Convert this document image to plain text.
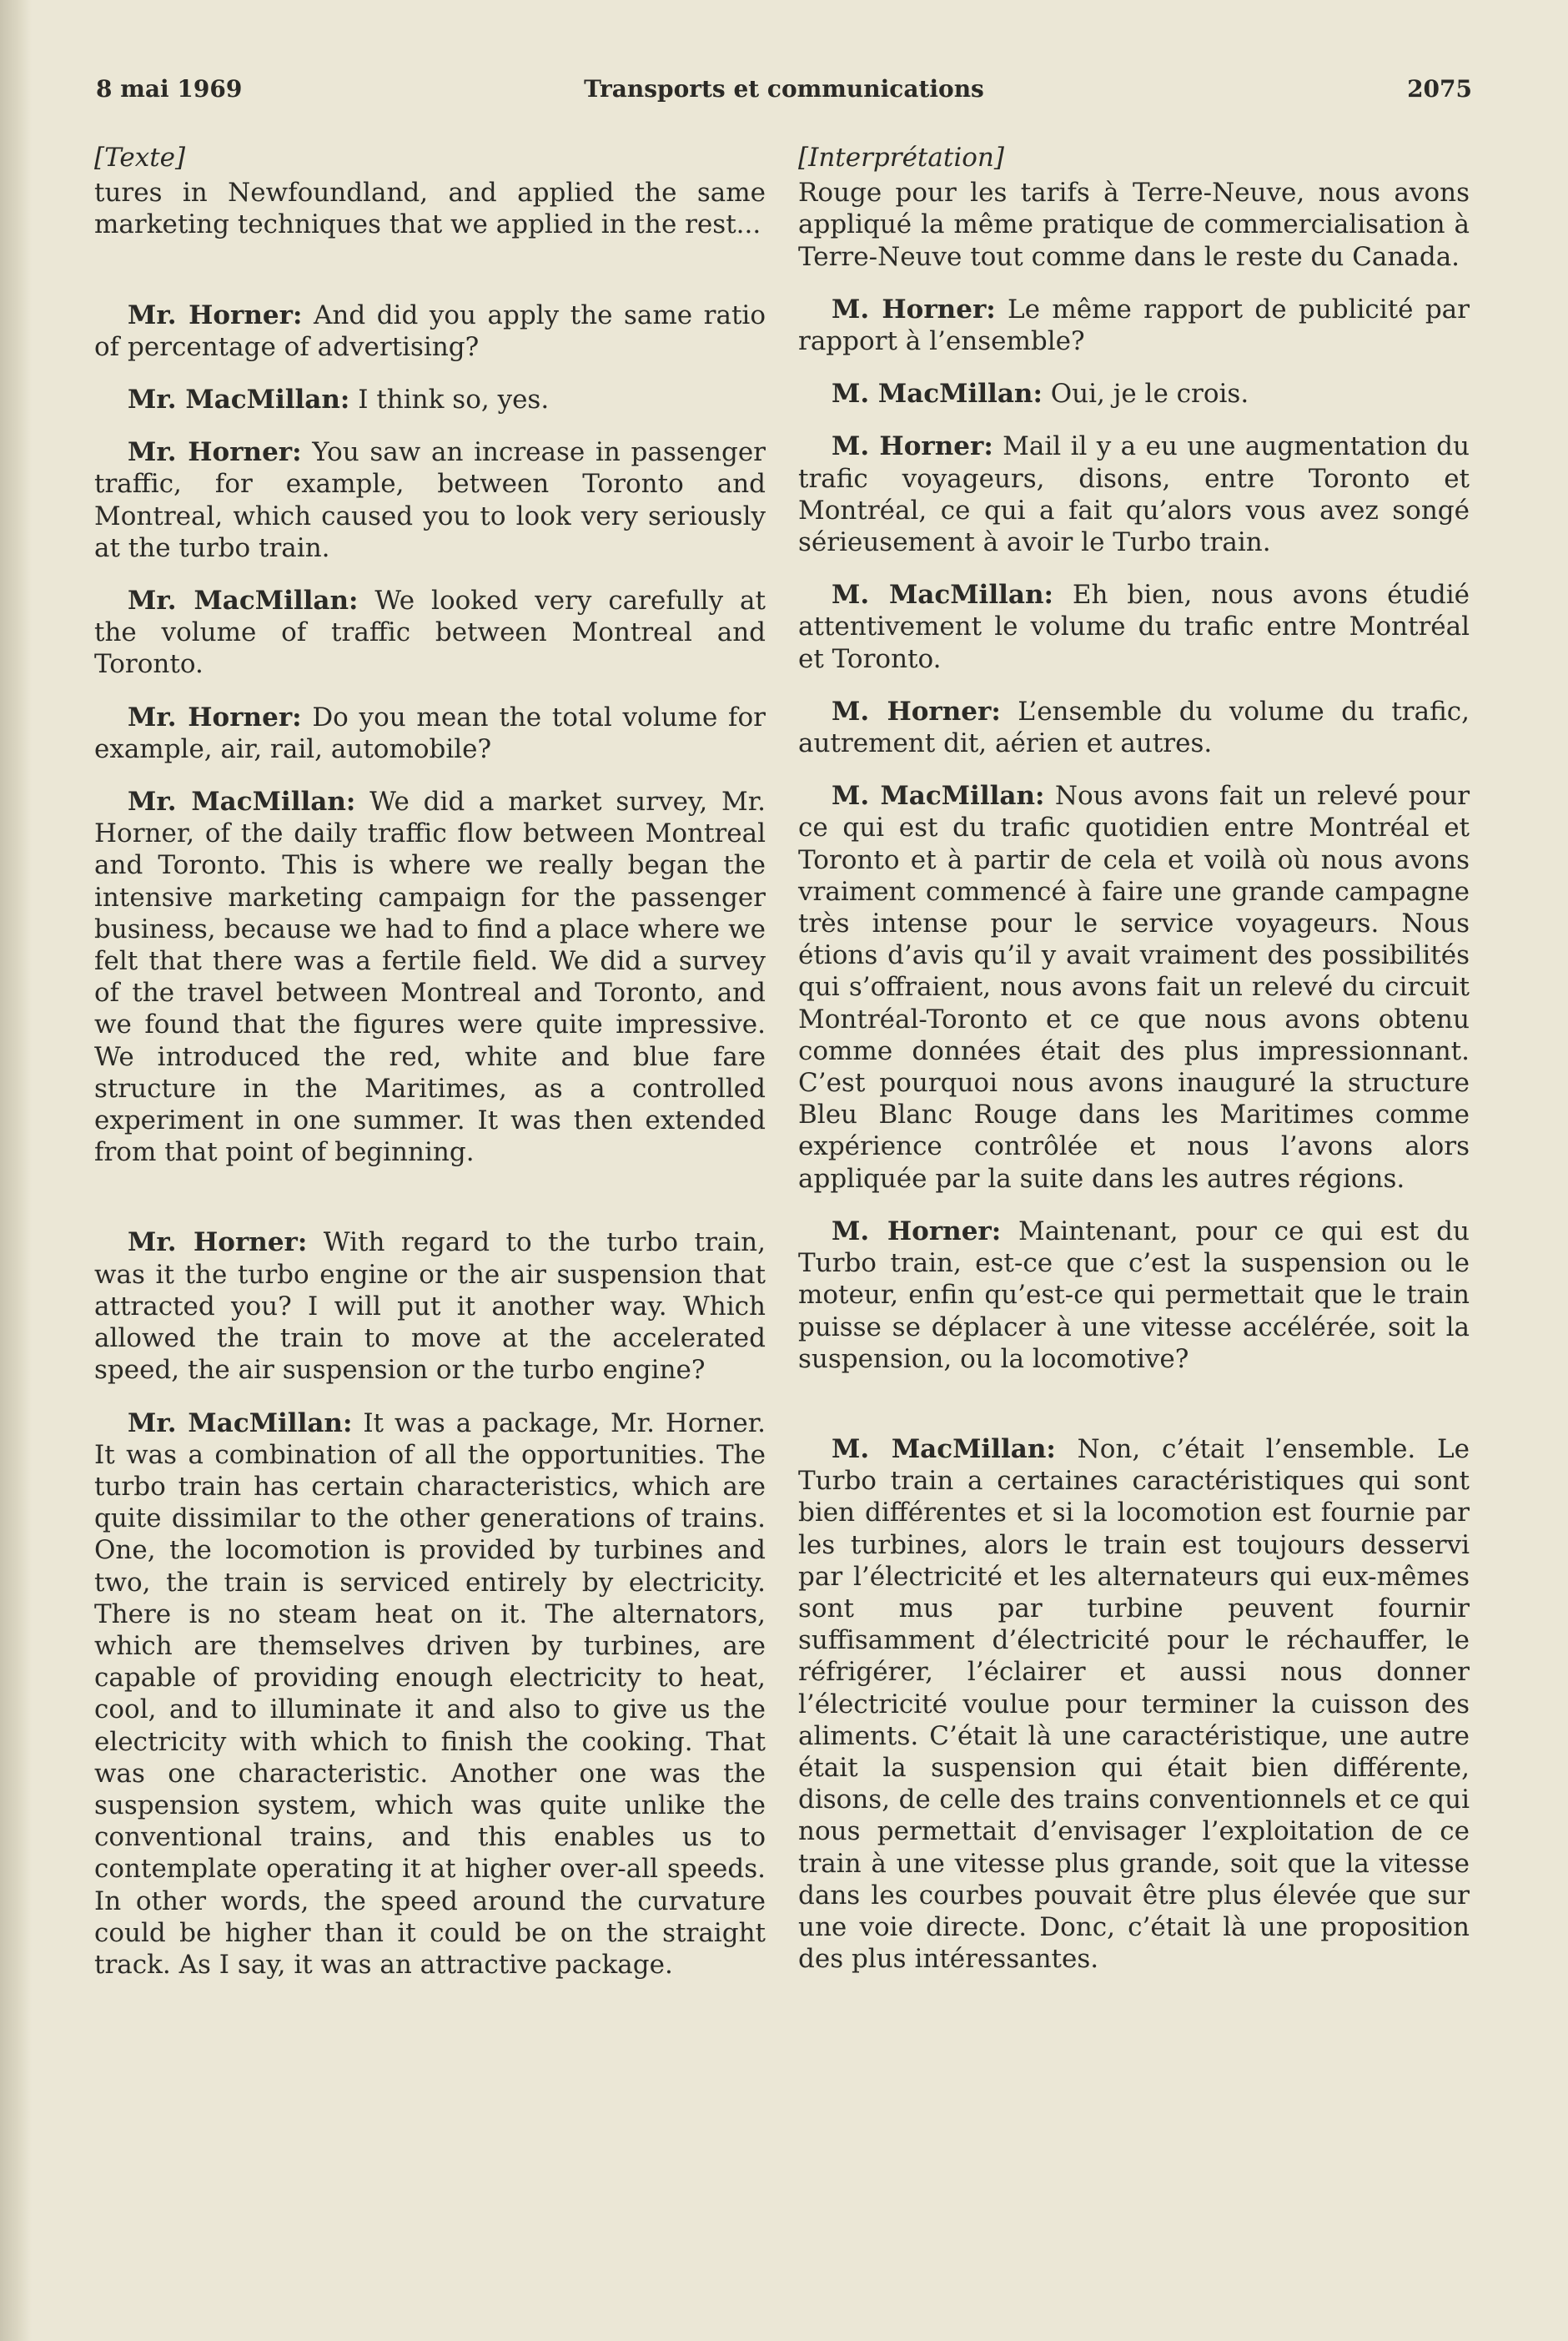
8 mai 1969	Transports et communications	2075
[Texte]

tures in Newfoundland, and applied the same marketing techniques that we applied in the rest...

Mr. Horner: And did you apply the same ratio of percentage of advertising?

Mr. MacMillan: I think so, yes.

Mr. Horner: You saw an increase in passenger traffic, for example, between Toronto and Montreal, which caused you to look very seriously at the turbo train.

Mr. MacMillan: We looked very carefully at the volume of traffic between Montreal and Toronto.

Mr. Horner: Do you mean the total volume for example, air, rail, automobile?

Mr. MacMillan: We did a market survey, Mr. Horner, of the daily traffic flow between Montreal and Toronto. This is where we really began the intensive marketing campaign for the passenger business, because we had to find a place where we felt that there was a fertile field. We did a survey of the travel between Montreal and Toronto, and we found that the figures were quite impressive. We introduced the red, white and blue fare structure in the Maritimes, as a controlled experiment in one summer. It was then extended from that point of beginning.

Mr. Horner: With regard to the turbo train, was it the turbo engine or the air suspension that attracted you? I will put it another way. Which allowed the train to move at the accelerated speed, the air suspension or the turbo engine?

Mr. MacMillan: It was a package, Mr. Horner. It was a combination of all the opportunities. The turbo train has certain characteristics, which are quite dissimilar to the other generations of trains. One, the locomotion is provided by turbines and two, the train is serviced entirely by electricity. There is no steam heat on it. The alternators, which are themselves driven by turbines, are capable of providing enough electricity to heat, cool, and to illuminate it and also to give us the electricity with which to finish the cooking. That was one characteristic. Another one was the suspension system, which was quite unlike the conventional trains, and this enables us to contemplate operating it at higher over-all speeds. In other words, the speed around the curvature could be higher than it could be on the straight track. As I say, it was an attractive package.

[Interprétation]

Rouge pour les tarifs à Terre-Neuve, nous avons appliqué la même pratique de commercialisation à Terre-Neuve tout comme dans le reste du Canada.

M. Horner: Le même rapport de publicité par rapport à l’ensemble?

M. MacMillan: Oui, je le crois.

M. Horner: Mail il y a eu une augmentation du trafic voyageurs, disons, entre Toronto et Montréal, ce qui a fait qu’alors vous avez songé sérieusement à avoir le Turbo train.

M. MacMillan: Eh bien, nous avons étudié attentivement le volume du trafic entre Montréal et Toronto.

M. Horner: L’ensemble du volume du trafic, autrement dit, aérien et autres.

M. MacMillan: Nous avons fait un relevé pour ce qui est du trafic quotidien entre Montréal et Toronto et à partir de cela et voilà où nous avons vraiment commencé à faire une grande campagne très intense pour le service voyageurs. Nous étions d’avis qu’il y avait vraiment des possibilités qui s’offraient, nous avons fait un relevé du circuit Montréal-Toronto et ce que nous avons obtenu comme données était des plus impressionnant. C’est pourquoi nous avons inauguré la structure Bleu Blanc Rouge dans les Maritimes comme expérience contrôlée et nous l’avons alors appliquée par la suite dans les autres régions.

M. Horner: Maintenant, pour ce qui est du Turbo train, est-ce que c’est la suspension ou le moteur, enfin qu’est-ce qui permettait que le train puisse se déplacer à une vitesse accélérée, soit la suspension, ou la locomotive?

M. MacMillan: Non, c’était l’ensemble. Le Turbo train a certaines caractéristiques qui sont bien différentes et si la locomotion est fournie par les turbines, alors le train est toujours desservi par l’électricité et les alternateurs qui eux-mêmes sont mus par turbine peuvent fournir suffisamment d’électricité pour le réchauffer, le réfrigérer, l’éclairer et aussi nous donner l’électricité voulue pour terminer la cuisson des aliments. C’était là une caractéristique, une autre était la suspension qui était bien différente, disons, de celle des trains conventionnels et ce qui nous permettait d’envisager l’exploitation de ce train à une vitesse plus grande, soit que la vitesse dans les courbes pouvait être plus élevée que sur une voie directe. Donc, c’était là une proposition des plus intéressantes.
